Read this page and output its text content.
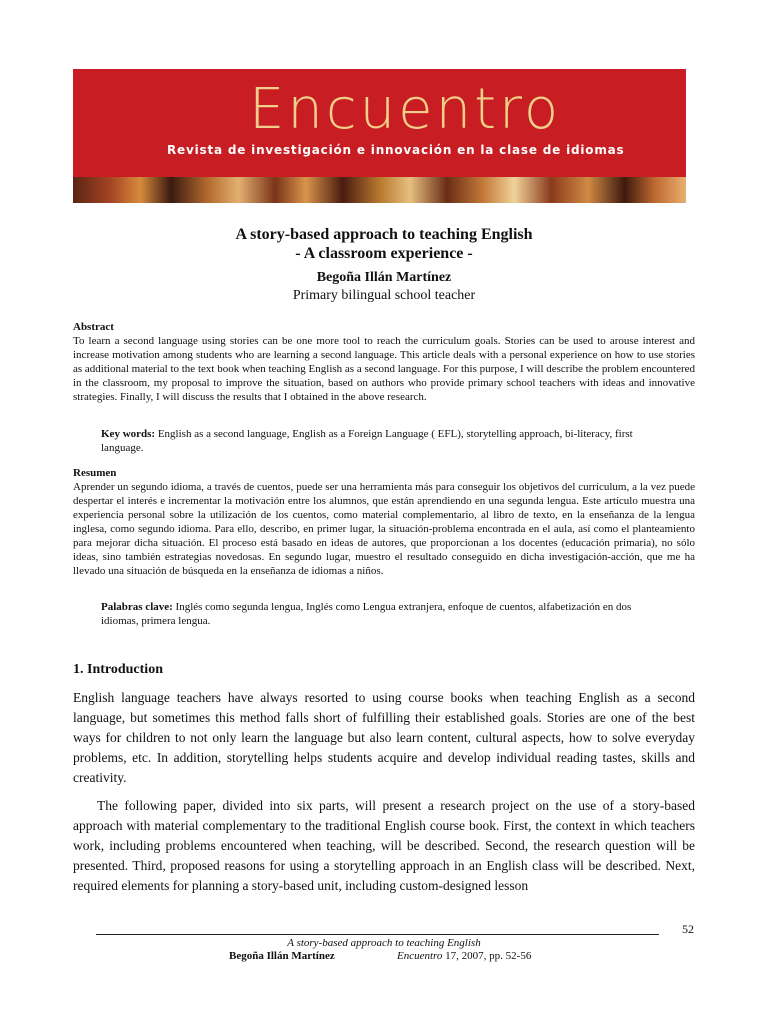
Encuentro
Revista de investigación e innovación en la clase de idiomas
A story-based approach to teaching English
- A classroom experience -
Begoña Illán Martínez
Primary bilingual school teacher
Abstract
To learn a second language using stories can be one more tool to reach the curriculum goals. Stories can be used to arouse interest and increase motivation among students who are learning a second language. This article deals with a personal experience on how to use stories as additional material to the text book when teaching English as a second language. For this purpose, I will describe the problem encountered in the classroom, my proposal to improve the situation, based on authors who provide primary school teachers with ideas and innovative strategies. Finally, I will discuss the results that I obtained in the above research.
Key words: English as a second language, English as a Foreign Language ( EFL), storytelling approach, bi-literacy, first language.
Resumen
Aprender un segundo idioma, a través de cuentos, puede ser una herramienta más para conseguir los objetivos del currículum, a la vez puede despertar el interés e incrementar la motivación entre los alumnos, que están aprendiendo en una segunda lengua. Este artículo muestra una experiencia personal sobre la utilización de los cuentos, como material complementario, al libro de texto, en la enseñanza de la lengua inglesa, como segundo idioma. Para ello, describo, en primer lugar, la situación-problema encontrada en el aula, así como el planteamiento para mejorar dicha situación. El proceso está basado en ideas de autores, que proporcionan a los docentes (educación primaria), no sólo ideas, sino también estrategias novedosas. En segundo lugar, muestro el resultado conseguido en dicha investigación-acción, que me ha llevado una situación de búsqueda en la enseñanza de idiomas a niños.
Palabras clave: Inglés como segunda lengua, Inglés como Lengua extranjera, enfoque de cuentos, alfabetización en dos idiomas, primera lengua.
1. Introduction
English language teachers have always resorted to using course books when teaching English as a second language, but sometimes this method falls short of fulfilling their established goals. Stories are one of the best ways for children to not only learn the language but also learn content, cultural aspects, how to solve everyday problems, etc. In addition, storytelling helps students acquire and develop individual reading tastes, skills and creativity.
The following paper, divided into six parts, will present a research project on the use of a story-based approach with material complementary to the traditional English course book. First, the context in which teachers work, including problems encountered when teaching, will be described. Second, the research question will be presented. Third, proposed reasons for using a storytelling approach in an English class will be described. Next, required elements for planning a story-based unit, including custom-designed lesson
52
A story-based approach to teaching English
Begoña Illán Martínez	Encuentro 17, 2007, pp. 52-56
